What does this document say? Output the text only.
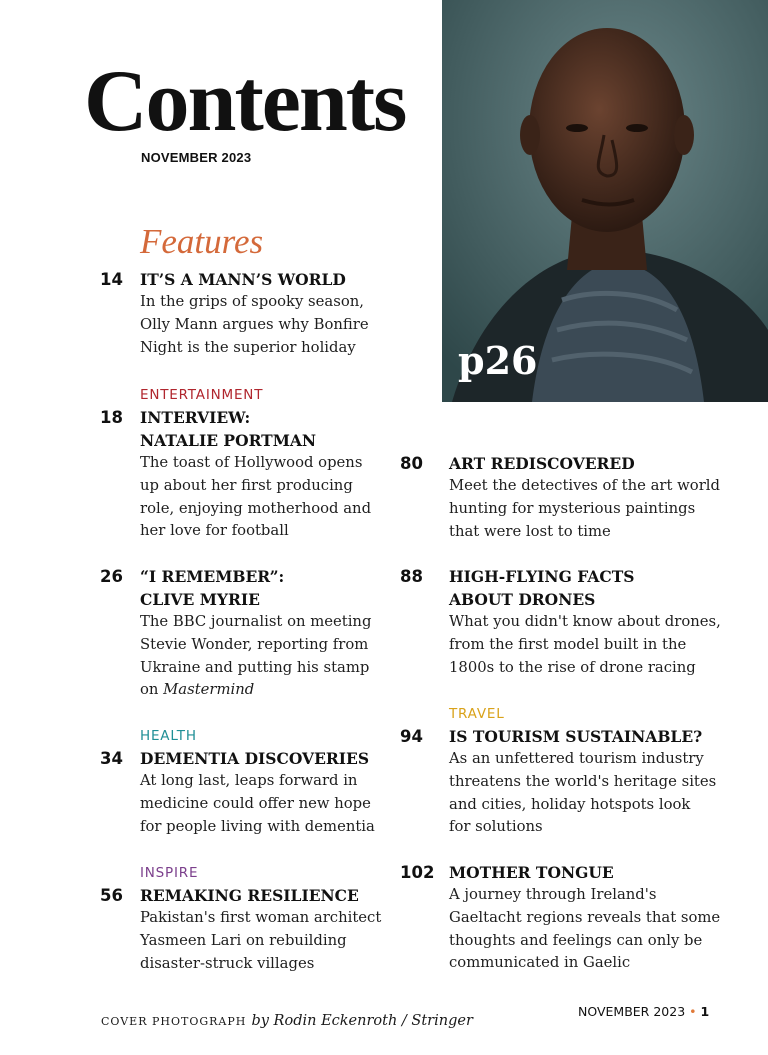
Contents
NOVEMBER 2023
Features
p26
14 IT’S A MANN’S WORLD

In the grips of spooky season,
Olly Mann argues why Bonfire
Night is the superior holiday

ENTERTAINMENT
18 INTERVIEW:
NATALIE PORTMAN

The toast of Hollywood opens
up about her first producing
role, enjoying motherhood and
her love for football

26 “I REMEMBER”:
CLIVE MYRIE

The BBC journalist on meeting
Stevie Wonder, reporting from
Ukraine and putting his stamp
on Mastermind

HEALTH
34 DEMENTIA DISCOVERIES

At long last, leaps forward in
medicine could offer new hope
for people living with dementia

INSPIRE
56 REMAKING RESILIENCE

Pakistan's first woman architect
Yasmeen Lari on rebuilding
disaster-struck villages

80 ART REDISCOVERED

Meet the detectives of the art world
hunting for mysterious paintings
that were lost to time

88 HIGH-FLYING FACTS
ABOUT DRONES

What you didn't know about drones,
from the first model built in the
1800s to the rise of drone racing

TRAVEL
94 IS TOURISM SUSTAINABLE?

As an unfettered tourism industry
threatens the world's heritage sites
and cities, holiday hotspots look
for solutions

102 MOTHER TONGUE

A journey through Ireland's
Gaeltacht regions reveals that some
thoughts and feelings can only be
communicated in Gaelic

COVER PHOTOGRAPH by Rodin Eckenroth / Stringer
NOVEMBER 2023 • 1
